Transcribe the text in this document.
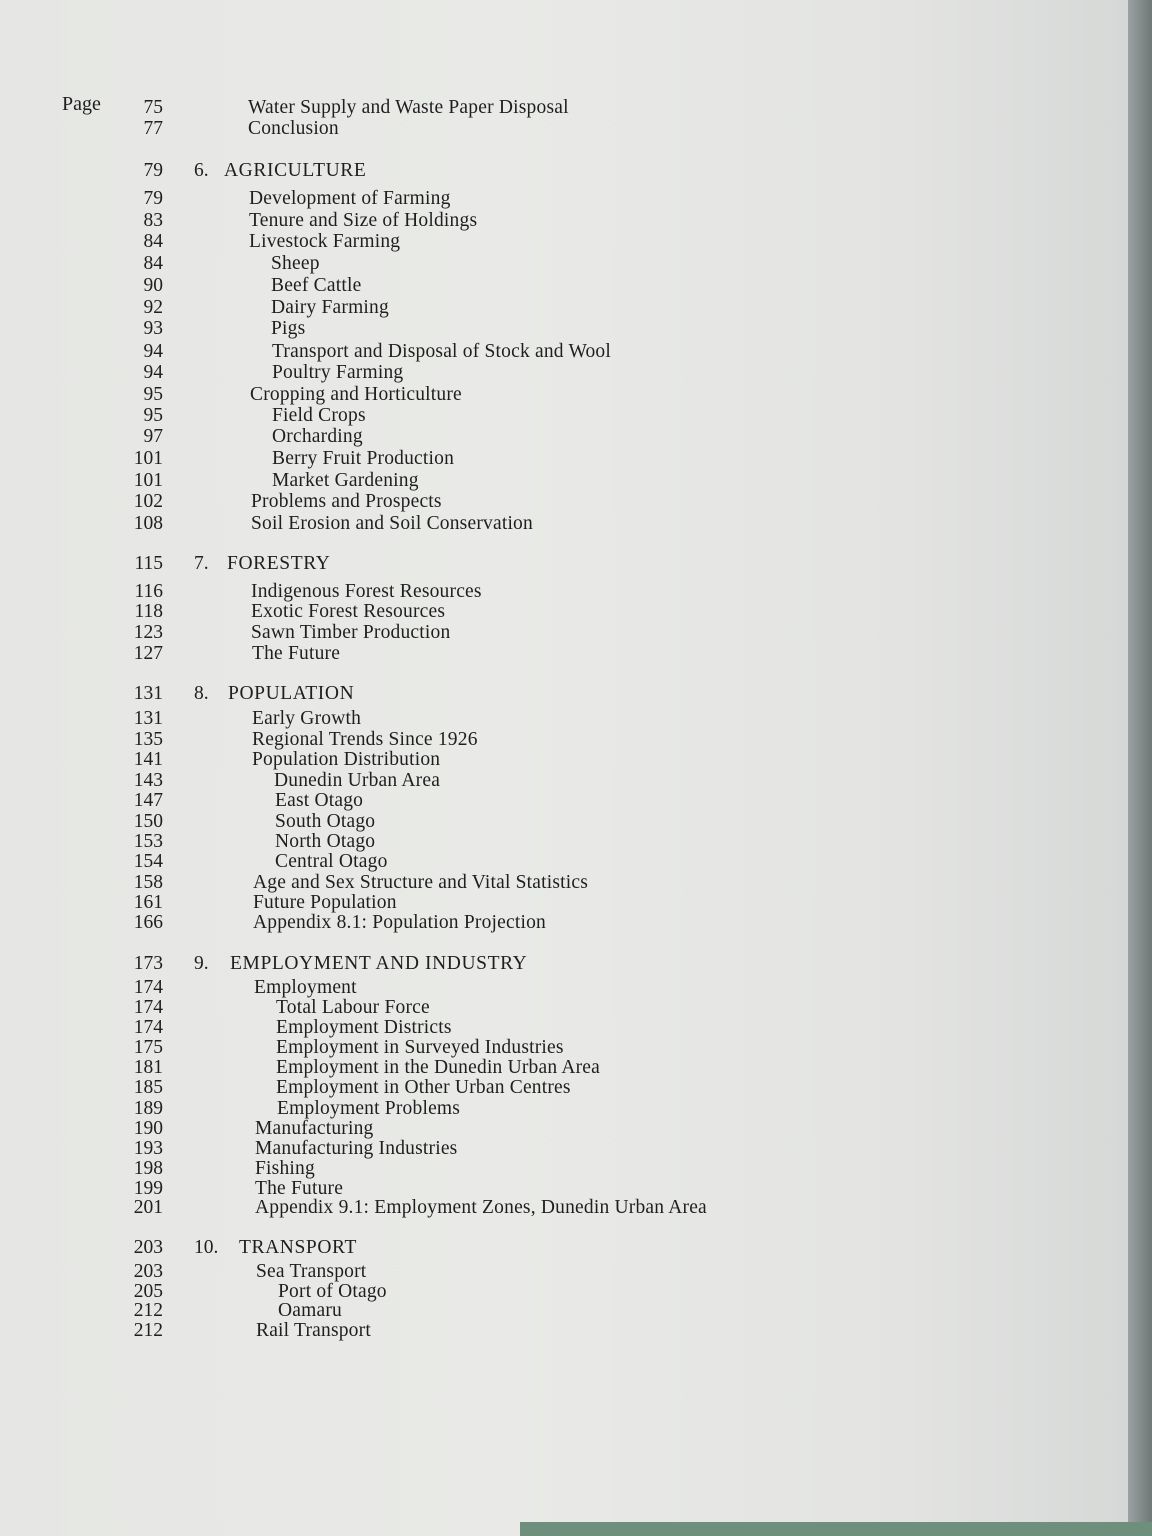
Page	75	Water Supply and Waste Paper Disposal
77	Conclusion
79 6. AGRICULTURE
79	Development of Farming
83	Tenure and Size of Holdings
84	Livestock Farming
84	Sheep
90	Beef Cattle
92	Dairy Farming
93	Pigs
94	Transport and Disposal of Stock and Wool
94	Poultry Farming
95	Cropping and Horticulture
95	Field Crops
97	Orcharding
101	Berry Fruit Production
101	Market Gardening
102	Problems and Prospects
108	Soil Erosion and Soil Conservation
115 7. FORESTRY
116	Indigenous Forest Resources
118	Exotic Forest Resources
123	Sawn Timber Production
127	The Future
131 8. POPULATION
131	Early Growth
135	Regional Trends Since 1926
141	Population Distribution
143	Dunedin Urban Area
147	East Otago
150	South Otago
153	North Otago
154	Central Otago
158	Age and Sex Structure and Vital Statistics
161	Future Population
166	Appendix 8.1: Population Projection
173 9. EMPLOYMENT AND INDUSTRY
174	Employment
174	Total Labour Force
174	Employment Districts
175	Employment in Surveyed Industries
181	Employment in the Dunedin Urban Area
185	Employment in Other Urban Centres
189	Employment Problems
190	Manufacturing
193	Manufacturing Industries
198	Fishing
199	The Future
201	Appendix 9.1: Employment Zones, Dunedin Urban Area
203 10. TRANSPORT
203	Sea Transport
205	Port of Otago
212	Oamaru
212	Rail Transport
